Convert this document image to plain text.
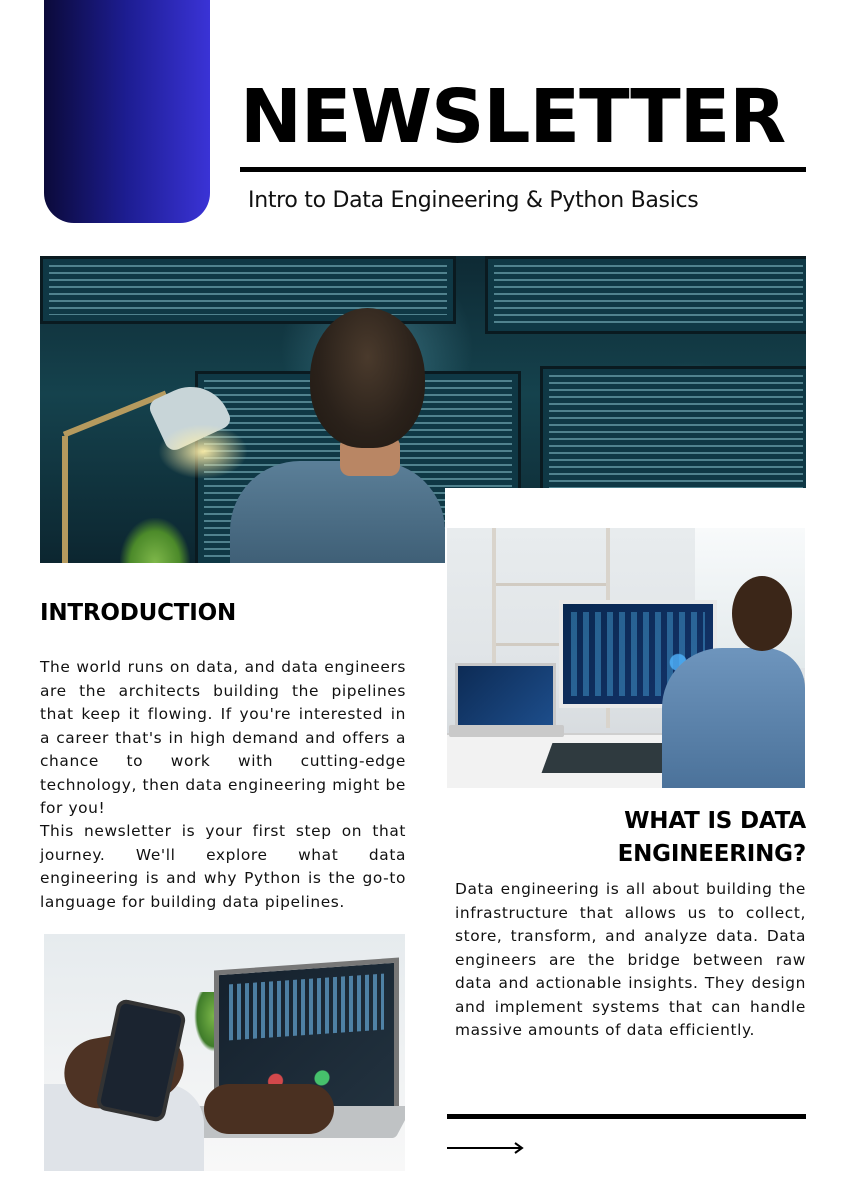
NEWSLETTER
Intro to Data Engineering & Python Basics
INTRODUCTION

The world runs on data, and data engineers are the architects building the pipelines that keep it flowing. If you're interested in a career that's in high demand and offers a chance to work with cutting-edge technology, then data engineering might be for you!

This newsletter is your first step on that journey. We'll explore what data engineering is and why Python is the go-to language for building data pipelines.

WHAT IS DATA
ENGINEERING?

Data engineering is all about building the infrastructure that allows us to collect, store, transform, and analyze data. Data engineers are the bridge between raw data and actionable insights. They design and implement systems that can handle massive amounts of data efficiently.
